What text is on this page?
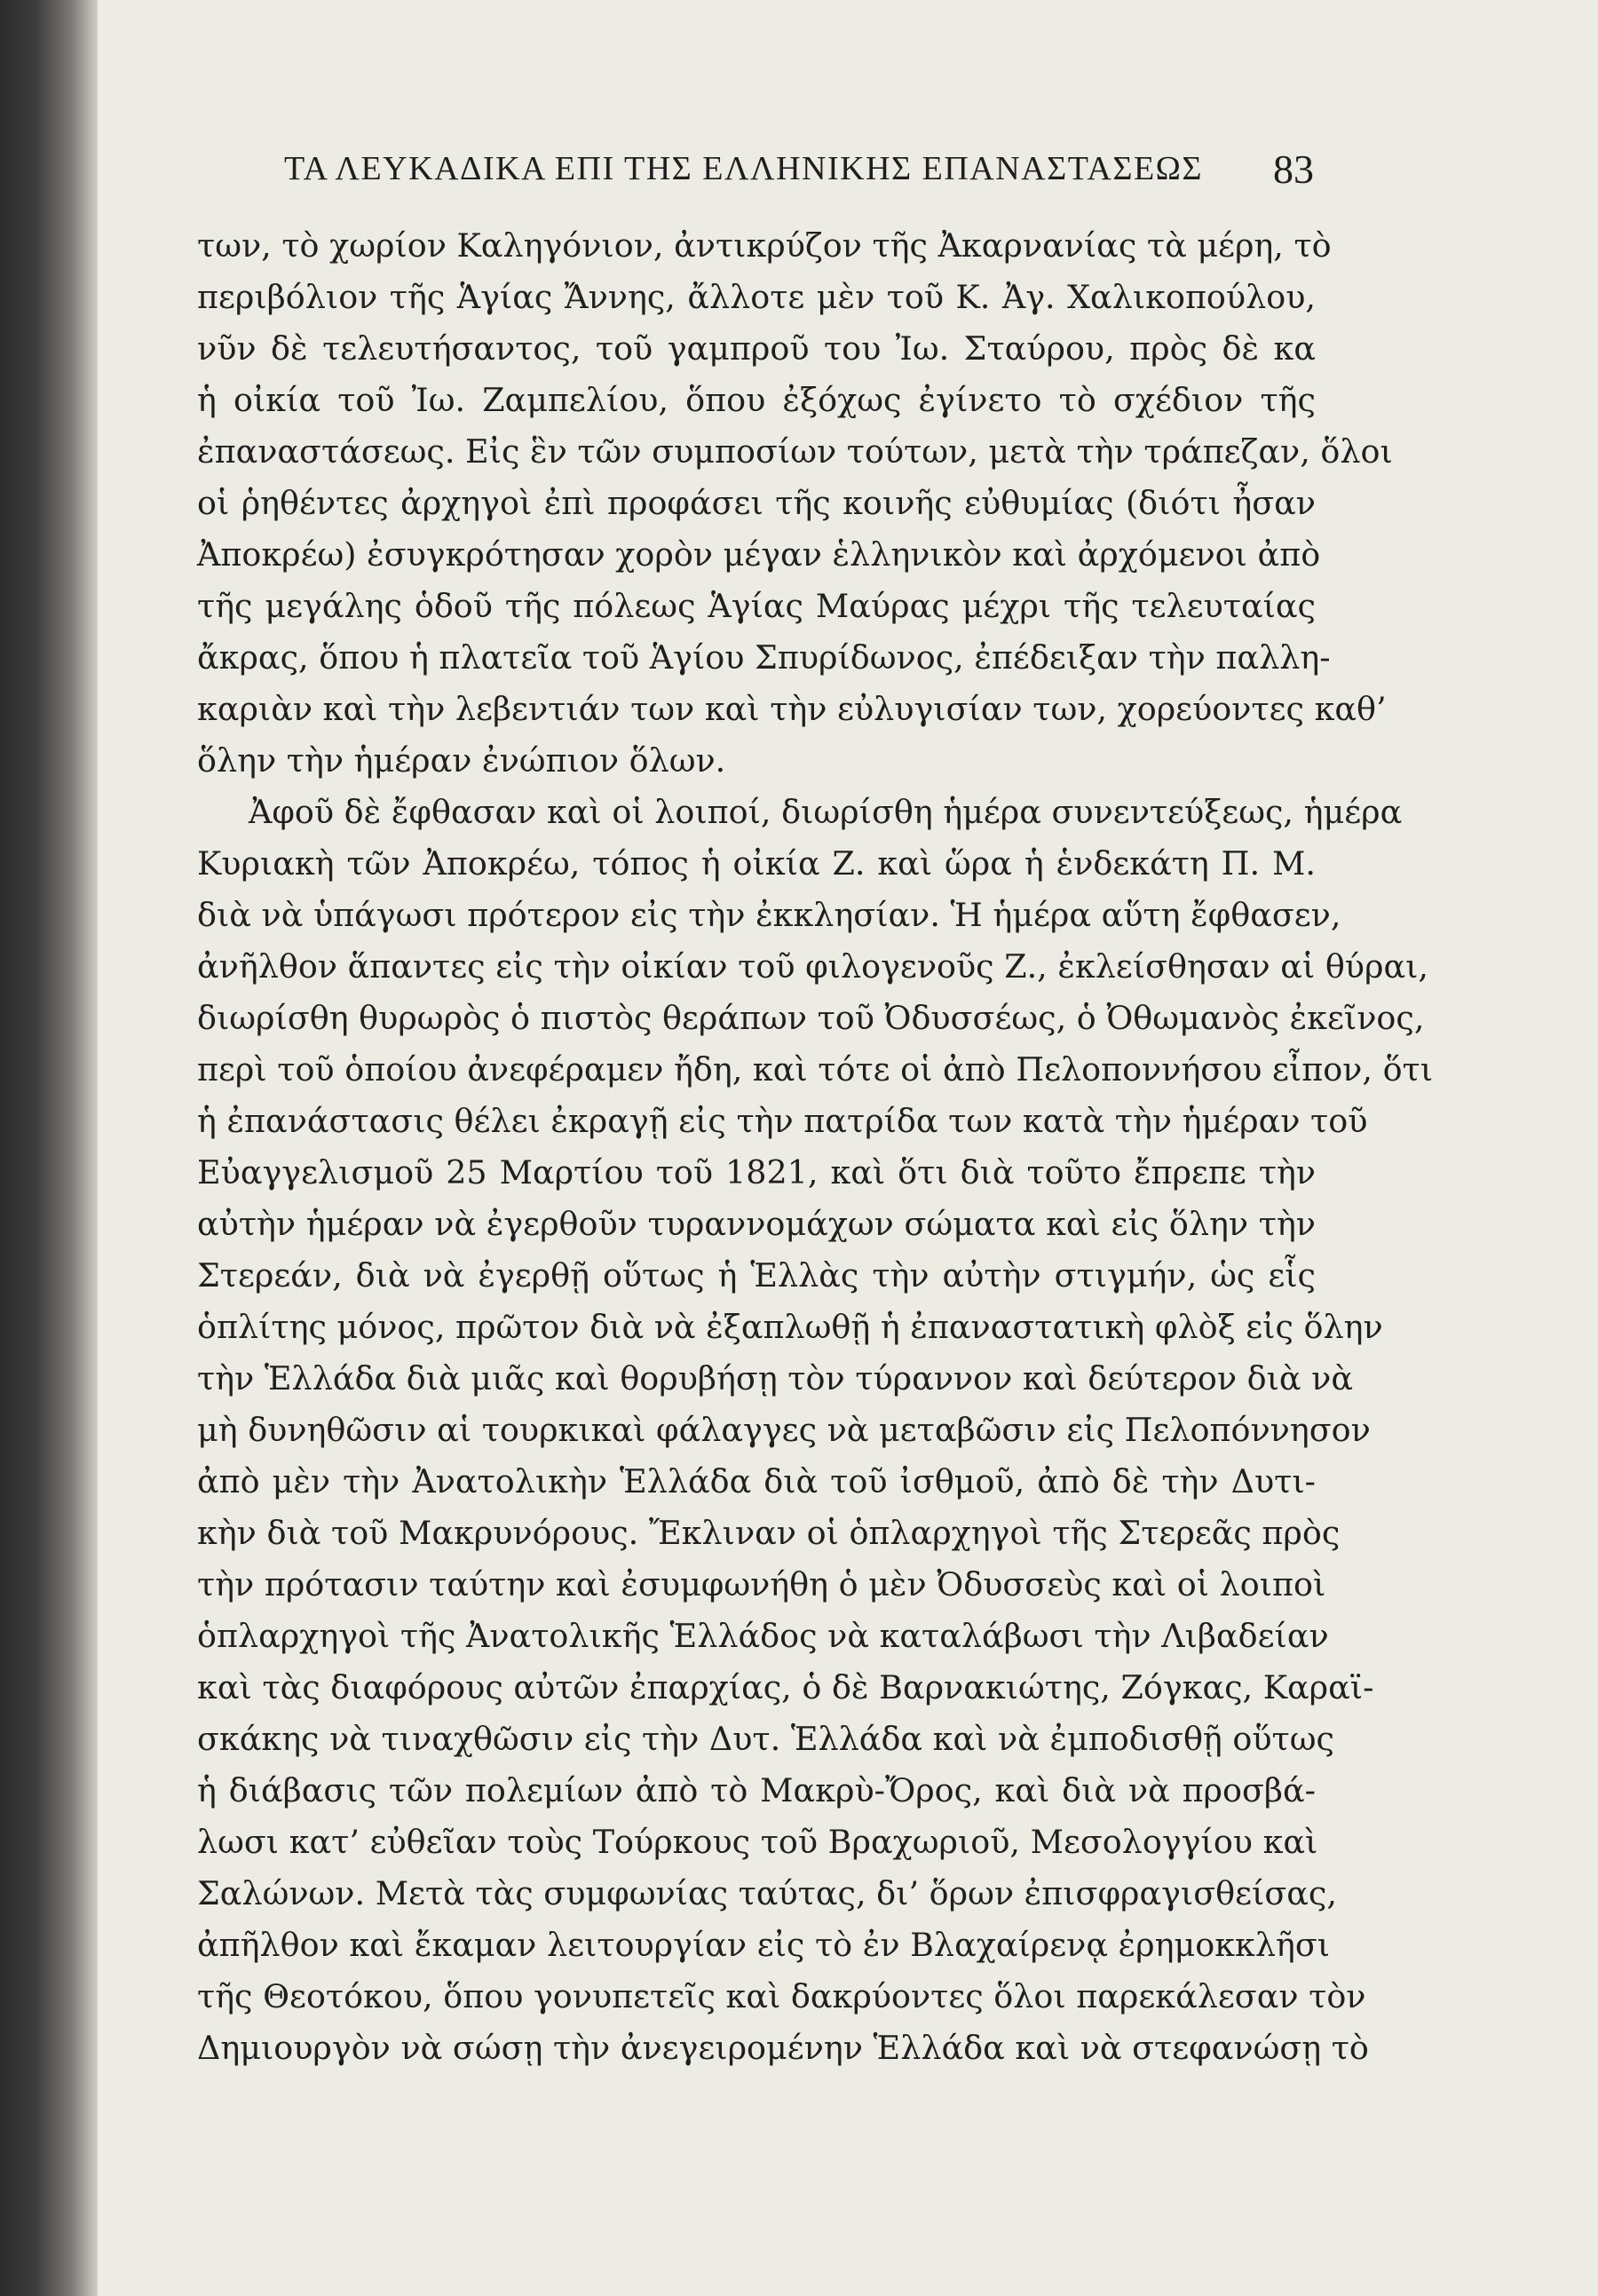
ΤΑ ΛΕΥΚΑΔΙΚΑ ΕΠΙ ΤΗΣ ΕΛΛΗΝΙΚΗΣ ΕΠΑΝΑΣΤΑΣΕΩΣ 83
των, τὸ χωρίον Καληγόνιον, ἀντικρύζον τῆς Ἀκαρνανίας τὰ μέρη, τὸ
περιβόλιον τῆς Ἁγίας Ἄννης, ἄλλοτε μὲν τοῦ Κ. Ἀγ. Χαλικοπούλου,
νῦν δὲ τελευτήσαντος, τοῦ γαμπροῦ του Ἰω. Σταύρου, πρὸς δὲ κα
ἡ οἰκία τοῦ Ἰω. Ζαμπελίου, ὅπου ἐξόχως ἐγίνετο τὸ σχέδιον τῆς
ἐπαναστάσεως. Εἰς ἓν τῶν συμποσίων τούτων, μετὰ τὴν τράπεζαν, ὅλοι
οἱ ῥηθέντες ἀρχηγοὶ ἐπὶ προφάσει τῆς κοινῆς εὐθυμίας (διότι ἦσαν
Ἀποκρέω) ἐσυγκρότησαν χορὸν μέγαν ἑλληνικὸν καὶ ἀρχόμενοι ἀπὸ
τῆς μεγάλης ὁδοῦ τῆς πόλεως Ἁγίας Μαύρας μέχρι τῆς τελευταίας
ἄκρας, ὅπου ἡ πλατεῖα τοῦ Ἁγίου Σπυρίδωνος, ἐπέδειξαν τὴν παλλη-
καριὰν καὶ τὴν λεβεντιάν των καὶ τὴν εὐλυγισίαν των, χορεύοντες καθ’
ὅλην τὴν ἡμέραν ἐνώπιον ὅλων.
Ἀφοῦ δὲ ἔφθασαν καὶ οἱ λοιποί, διωρίσθη ἡμέρα συνεντεύξεως, ἡμέρα
Κυριακὴ τῶν Ἀποκρέω, τόπος ἡ οἰκία Ζ. καὶ ὥρα ἡ ἑνδεκάτη Π. Μ.
διὰ νὰ ὑπάγωσι πρότερον εἰς τὴν ἐκκλησίαν. Ἡ ἡμέρα αὕτη ἔφθασεν,
ἀνῆλθον ἅπαντες εἰς τὴν οἰκίαν τοῦ φιλογενοῦς Ζ., ἐκλείσθησαν αἱ θύραι,
διωρίσθη θυρωρὸς ὁ πιστὸς θεράπων τοῦ Ὀδυσσέως, ὁ Ὀθωμανὸς ἐκεῖνος,
περὶ τοῦ ὁποίου ἀνεφέραμεν ἤδη, καὶ τότε οἱ ἀπὸ Πελοποννήσου εἶπον, ὅτι
ἡ ἐπανάστασις θέλει ἐκραγῇ εἰς τὴν πατρίδα των κατὰ τὴν ἡμέραν τοῦ
Εὐαγγελισμοῦ 25 Μαρτίου τοῦ 1821, καὶ ὅτι διὰ τοῦτο ἔπρεπε τὴν
αὐτὴν ἡμέραν νὰ ἐγερθοῦν τυραννομάχων σώματα καὶ εἰς ὅλην τὴν
Στερεάν, διὰ νὰ ἐγερθῇ οὕτως ἡ Ἑλλὰς τὴν αὐτὴν στιγμήν, ὡς εἷς
ὁπλίτης μόνος, πρῶτον διὰ νὰ ἐξαπλωθῇ ἡ ἐπαναστατικὴ φλὸξ εἰς ὅλην
τὴν Ἑλλάδα διὰ μιᾶς καὶ θορυβήσῃ τὸν τύραννον καὶ δεύτερον διὰ νὰ
μὴ δυνηθῶσιν αἱ τουρκικαὶ φάλαγγες νὰ μεταβῶσιν εἰς Πελοπόννησον
ἀπὸ μὲν τὴν Ἀνατολικὴν Ἑλλάδα διὰ τοῦ ἰσθμοῦ, ἀπὸ δὲ τὴν Δυτι-
κὴν διὰ τοῦ Μακρυνόρους. Ἔκλιναν οἱ ὁπλαρχηγοὶ τῆς Στερεᾶς πρὸς
τὴν πρότασιν ταύτην καὶ ἐσυμφωνήθη ὁ μὲν Ὀδυσσεὺς καὶ οἱ λοιποὶ
ὁπλαρχηγοὶ τῆς Ἀνατολικῆς Ἑλλάδος νὰ καταλάβωσι τὴν Λιβαδείαν
καὶ τὰς διαφόρους αὐτῶν ἐπαρχίας, ὁ δὲ Βαρνακιώτης, Ζόγκας, Καραϊ-
σκάκης νὰ τιναχθῶσιν εἰς τὴν Δυτ. Ἑλλάδα καὶ νὰ ἐμποδισθῇ οὕτως
ἡ διάβασις τῶν πολεμίων ἀπὸ τὸ Μακρὺ-Ὄρος, καὶ διὰ νὰ προσβά-
λωσι κατ’ εὐθεῖαν τοὺς Τούρκους τοῦ Βραχωριοῦ, Μεσολογγίου καὶ
Σαλώνων. Μετὰ τὰς συμφωνίας ταύτας, δι’ ὅρων ἐπισφραγισθείσας,
ἀπῆλθον καὶ ἔκαμαν λειτουργίαν εἰς τὸ ἐν Βλαχαίρενᾳ ἐρημοκκλῆσι
τῆς Θεοτόκου, ὅπου γονυπετεῖς καὶ δακρύοντες ὅλοι παρεκάλεσαν τὸν
Δημιουργὸν νὰ σώσῃ τὴν ἀνεγειρομένην Ἑλλάδα καὶ νὰ στεφανώσῃ τὸ
